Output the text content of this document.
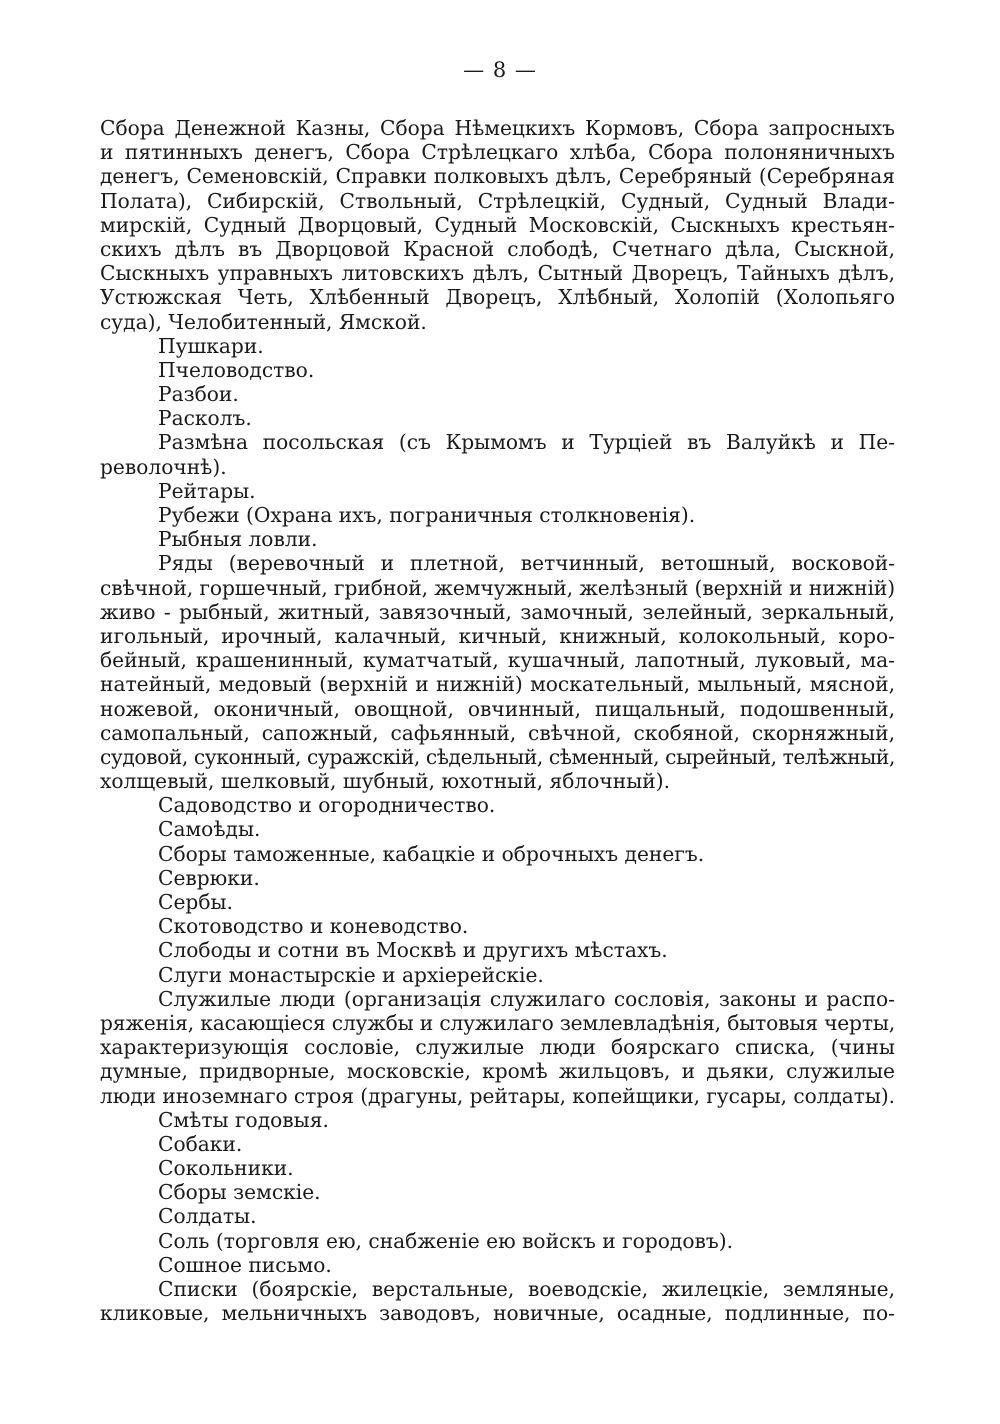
— 8 —
Сбора Денежной Казны, Сбора Нѣмецкихъ Кормовъ, Сбора запросныхъ
и пятинныхъ денегъ, Сбора Стрѣлецкаго хлѣба, Сбора полоняничныхъ
денегъ, Семеновскій, Справки полковыхъ дѣлъ, Серебряный (Серебряная
Полата), Сибирскій, Ствольный, Стрѣлецкій, Судный, Судный Влади-
мирскій, Судный Дворцовый, Судный Московскій, Сыскныхъ крестьян-
скихъ дѣлъ въ Дворцовой Красной слободѣ, Счетнаго дѣла, Сыскной,
Сыскныхъ управныхъ литовскихъ дѣлъ, Сытный Дворецъ, Тайныхъ дѣлъ,
Устюжская Четь, Хлѣбенный Дворецъ, Хлѣбный, Холопій (Холопьяго
суда), Челобитенный, Ямской.
Пушкари.
Пчеловодство.
Разбои.
Расколъ.
Размѣна посольская (съ Крымомъ и Турціей въ Валуйкѣ и Пе-
револочнѣ).
Рейтары.
Рубежи (Охрана ихъ, пограничныя столкновенія).
Рыбныя ловли.
Ряды (веревочный и плетной, ветчинный, ветошный, восковой-
свѣчной, горшечный, грибной, жемчужный, желѣзный (верхній и нижній)
живо - рыбный, житный, завязочный, замочный, зелейный, зеркальный,
игольный, ирочный, калачный, кичный, книжный, колокольный, коро-
бейный, крашенинный, куматчатый, кушачный, лапотный, луковый, ма-
натейный, медовый (верхній и нижній) москательный, мыльный, мясной,
ножевой, оконичный, овощной, овчинный, пищальный, подошвенный,
самопальный, сапожный, сафьянный, свѣчной, скобяной, скорняжный,
судовой, суконный, суражскій, сѣдельный, сѣменный, сырейный, телѣжный,
холщевый, шелковый, шубный, юхотный, яблочный).
Садоводство и огородничество.
Самоѣды.
Сборы таможенные, кабацкіе и оброчныхъ денегъ.
Севрюки.
Сербы.
Скотоводство и коневодство.
Слободы и сотни въ Москвѣ и другихъ мѣстахъ.
Слуги монастырскіе и архіерейскіе.
Служилые люди (организація служилаго сословія, законы и распо-
ряженія, касающіеся службы и служилаго землевладѣнія, бытовыя черты,
характеризующія сословіе, служилые люди боярскаго списка, (чины
думные, придворные, московскіе, кромѣ жильцовъ, и дьяки, служилые
люди иноземнаго строя (драгуны, рейтары, копейщики, гусары, солдаты).
Смѣты годовыя.
Собаки.
Сокольники.
Сборы земскіе.
Солдаты.
Соль (торговля ею, снабженіе ею войскъ и городовъ).
Сошное письмо.
Списки (боярскіе, верстальные, воеводскіе, жилецкіе, земляные,
кликовые, мельничныхъ заводовъ, новичные, осадные, подлинные, по-
